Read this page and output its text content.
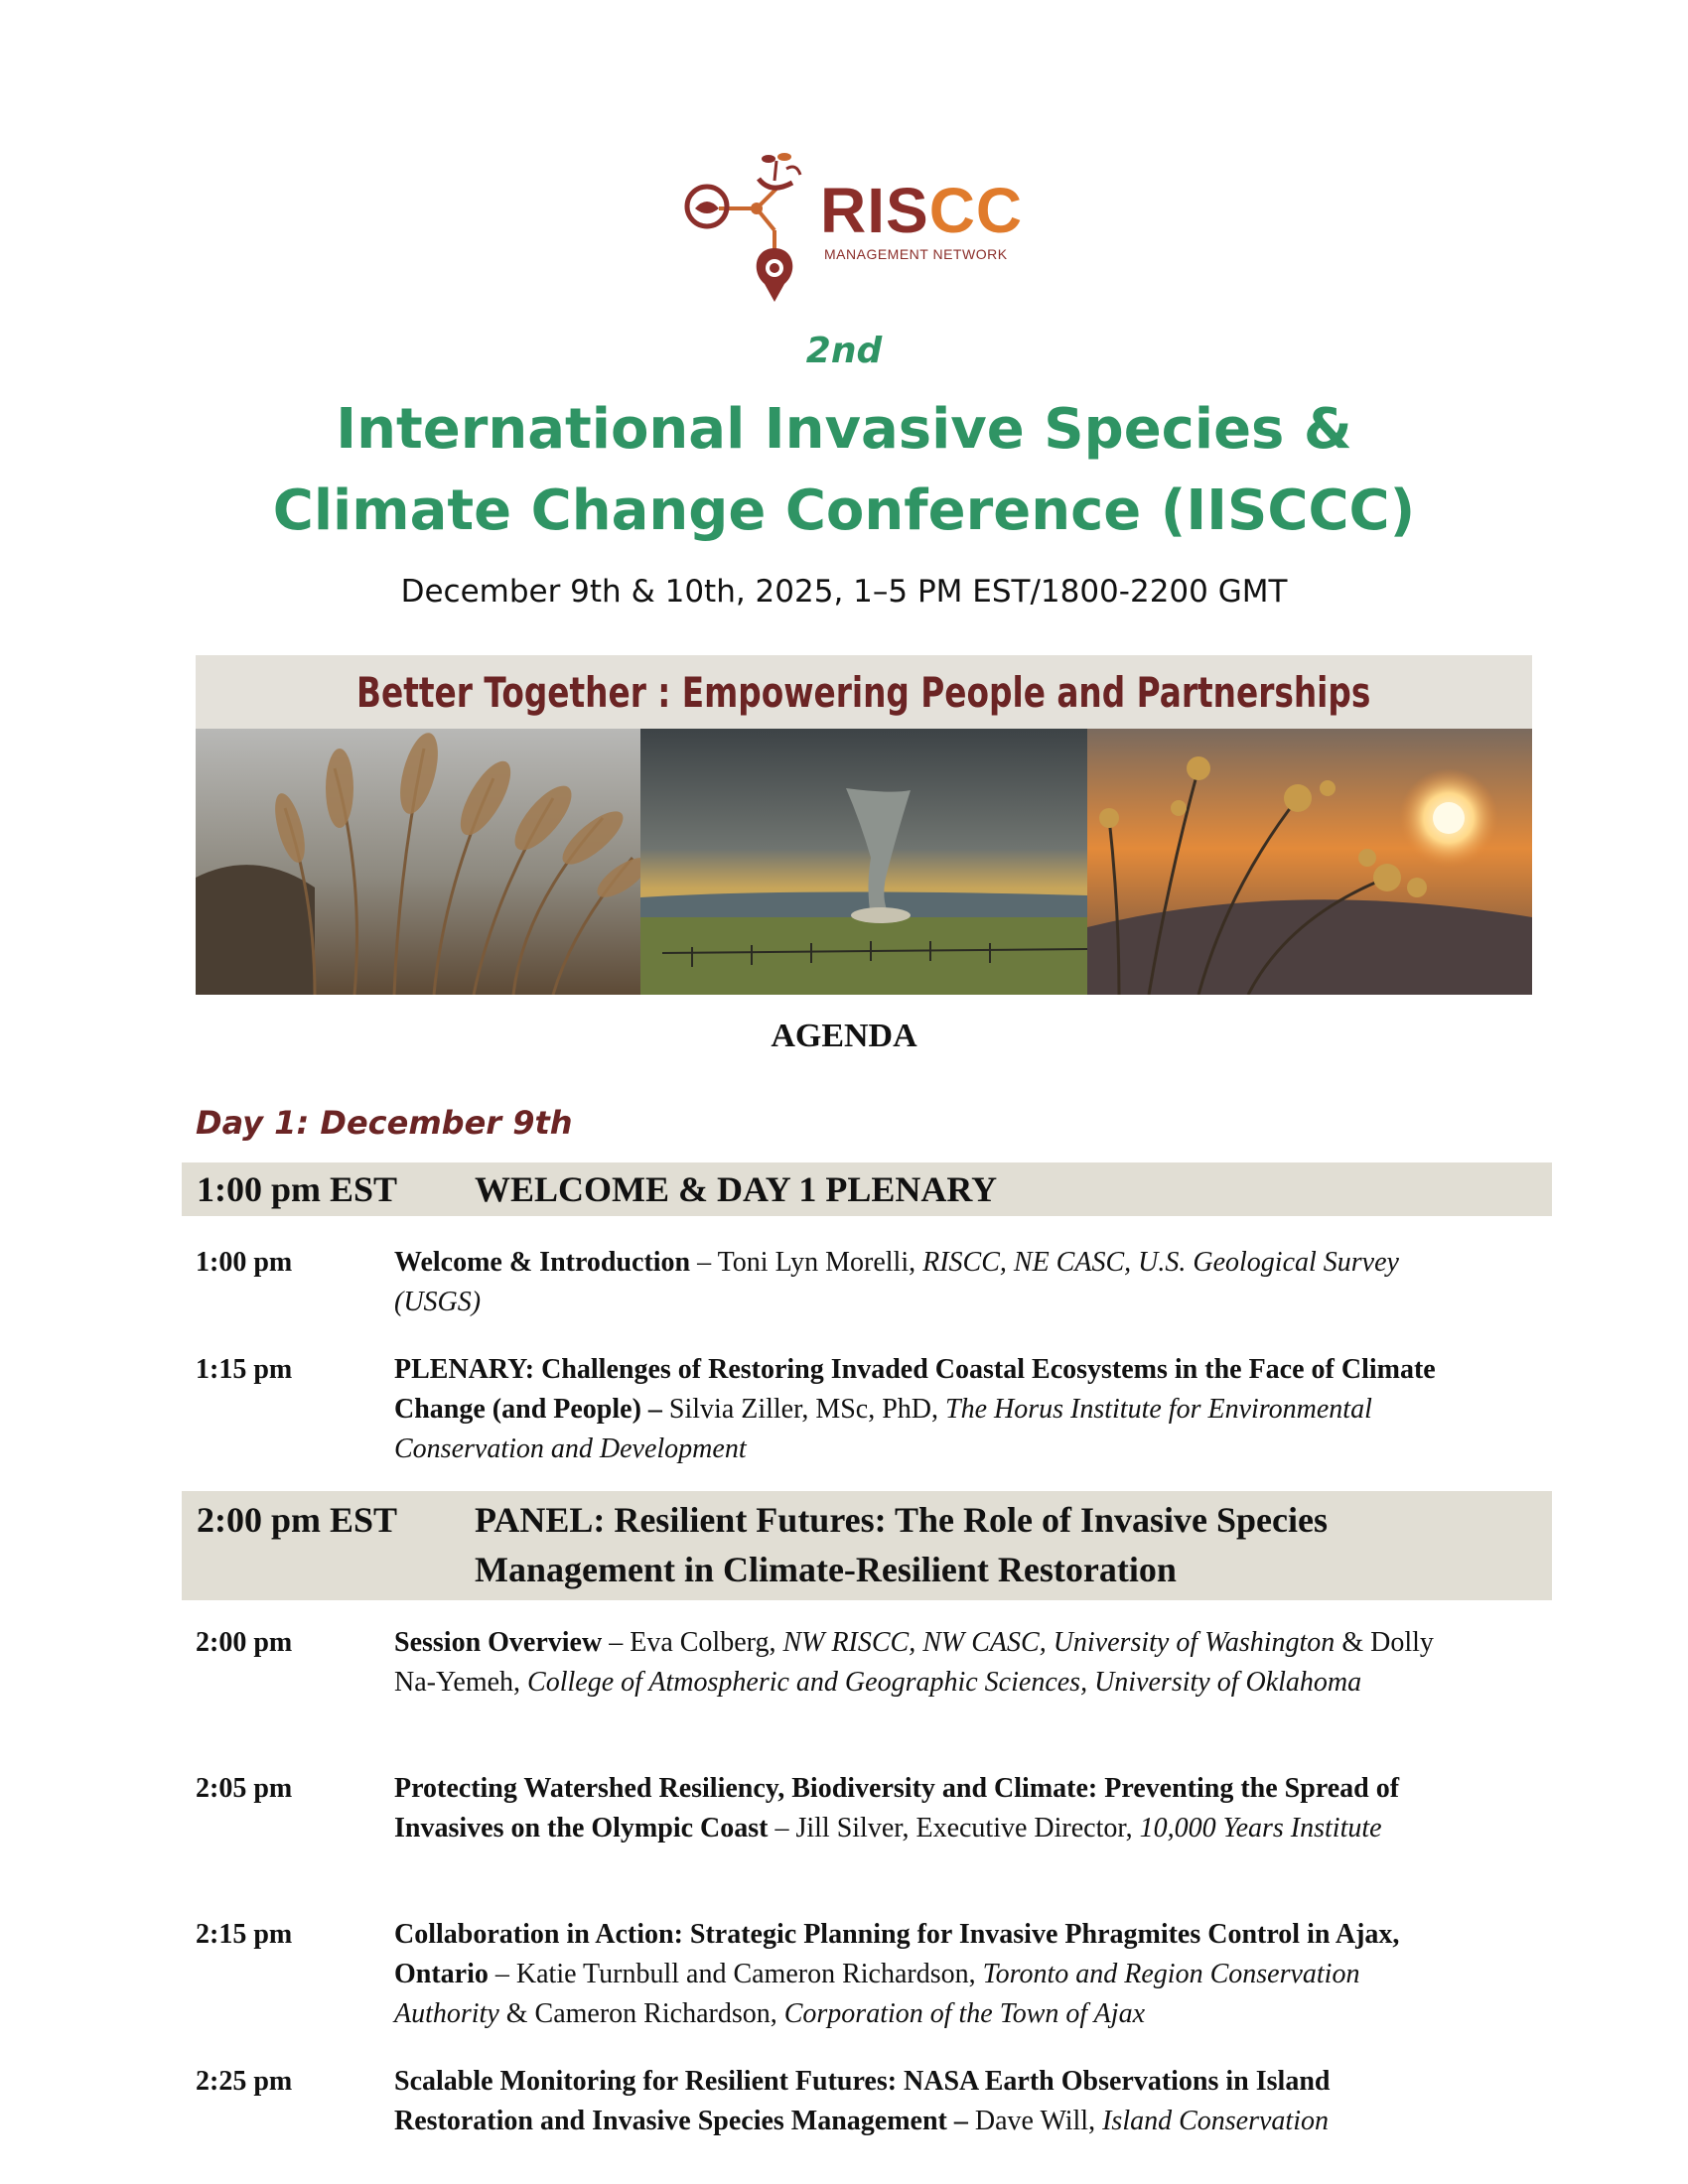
RISCC
MANAGEMENT NETWORK
2nd
International Invasive Species &
Climate Change Conference (IISCCC)
December 9th & 10th, 2025, 1–5 PM EST/1800-2200 GMT
Better Together : Empowering People and Partnerships
AGENDA
Day 1: December 9th
1:00 pm EST WELCOME & DAY 1 PLENARY
1:00 pm	Welcome & Introduction – Toni Lyn Morelli, RISCC, NE CASC, U.S. Geological Survey (USGS)
1:15 pm	PLENARY: Challenges of Restoring Invaded Coastal Ecosystems in the Face of Climate Change (and People) – Silvia Ziller, MSc, PhD, The Horus Institute for Environmental Conservation and Development
2:00 pm EST PANEL: Resilient Futures: The Role of Invasive Species Management in Climate-Resilient Restoration
2:00 pm	Session Overview – Eva Colberg, NW RISCC, NW CASC, University of Washington & Dolly Na-Yemeh, College of Atmospheric and Geographic Sciences, University of Oklahoma
2:05 pm	Protecting Watershed Resiliency, Biodiversity and Climate: Preventing the Spread of Invasives on the Olympic Coast – Jill Silver, Executive Director, 10,000 Years Institute
2:15 pm	Collaboration in Action: Strategic Planning for Invasive Phragmites Control in Ajax, Ontario – Katie Turnbull and Cameron Richardson, Toronto and Region Conservation Authority & Cameron Richardson, Corporation of the Town of Ajax
2:25 pm	Scalable Monitoring for Resilient Futures: NASA Earth Observations in Island Restoration and Invasive Species Management – Dave Will, Island Conservation
